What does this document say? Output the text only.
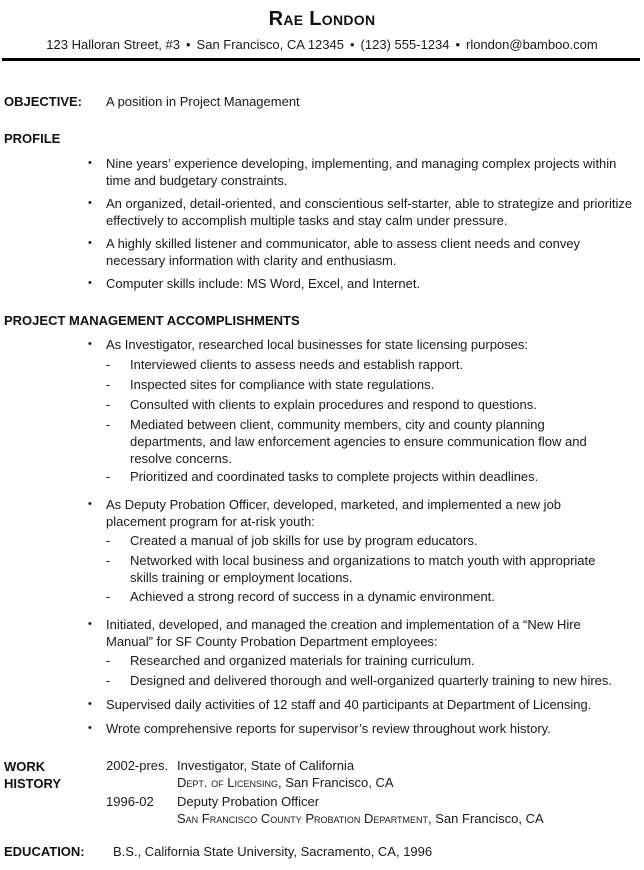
Rae London
123 Halloran Street, #3 • San Francisco, CA 12345 • (123) 555-1234 • rlondon@bamboo.com
OBJECTIVE: A position in Project Management
PROFILE
• Nine years’ experience developing, implementing, and managing complex projects within
time and budgetary constraints.
• An organized, detail-oriented, and conscientious self-starter, able to strategize and prioritize
effectively to accomplish multiple tasks and stay calm under pressure.
• A highly skilled listener and communicator, able to assess client needs and convey
necessary information with clarity and enthusiasm.
• Computer skills include: MS Word, Excel, and Internet.
PROJECT MANAGEMENT ACCOMPLISHMENTS
• As Investigator, researched local businesses for state licensing purposes:
- Interviewed clients to assess needs and establish rapport.
- Inspected sites for compliance with state regulations.
- Consulted with clients to explain procedures and respond to questions.
- Mediated between client, community members, city and county planning
departments, and law enforcement agencies to ensure communication flow and
resolve concerns.
- Prioritized and coordinated tasks to complete projects within deadlines.
• As Deputy Probation Officer, developed, marketed, and implemented a new job
placement program for at-risk youth:
- Created a manual of job skills for use by program educators.
- Networked with local business and organizations to match youth with appropriate
skills training or employment locations.
- Achieved a strong record of success in a dynamic environment.
• Initiated, developed, and managed the creation and implementation of a “New Hire
Manual” for SF County Probation Department employees:
- Researched and organized materials for training curriculum.
- Designed and delivered thorough and well-organized quarterly training to new hires.
• Supervised daily activities of 12 staff and 40 participants at Department of Licensing.
• Wrote comprehensive reports for supervisor’s review throughout work history.
WORK
HISTORY
2002-pres. Investigator, State of California
Dept. of Licensing, San Francisco, CA
1996-02 Deputy Probation Officer
San Francisco County Probation Department, San Francisco, CA
EDUCATION: B.S., California State University, Sacramento, CA, 1996
